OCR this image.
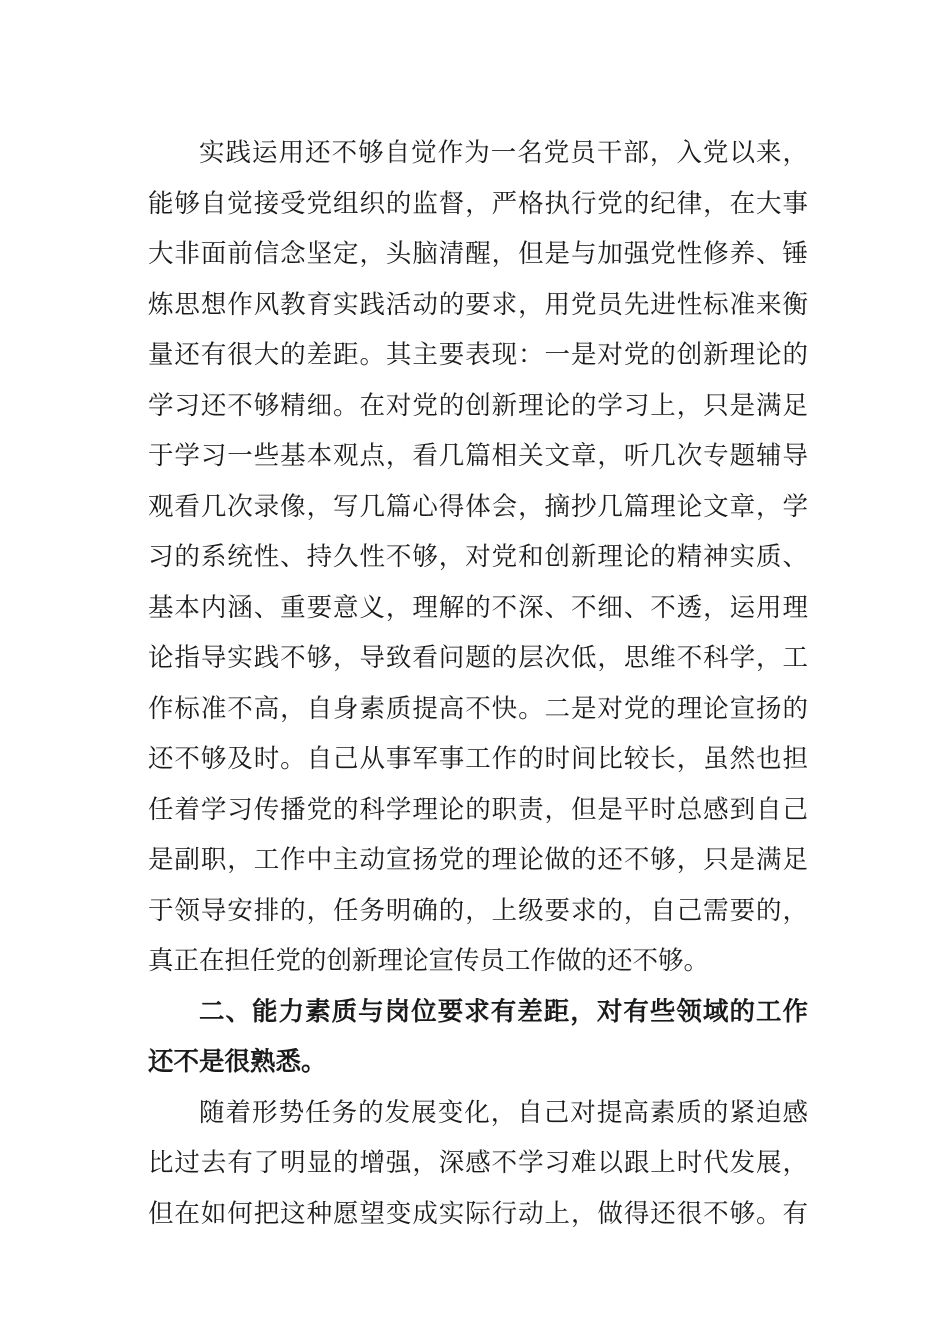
实践运用还不够自觉作为一名党员干部，入党以来，
能够自觉接受党组织的监督，严格执行党的纪律，在大事
大非面前信念坚定，头脑清醒，但是与加强党性修养、锤
炼思想作风教育实践活动的要求，用党员先进性标准来衡
量还有很大的差距。其主要表现：一是对党的创新理论的
学习还不够精细。在对党的创新理论的学习上，只是满足
于学习一些基本观点，看几篇相关文章，听几次专题辅导
观看几次录像，写几篇心得体会，摘抄几篇理论文章，学
习的系统性、持久性不够，对党和创新理论的精神实质、
基本内涵、重要意义，理解的不深、不细、不透，运用理
论指导实践不够，导致看问题的层次低，思维不科学，工
作标准不高，自身素质提高不快。二是对党的理论宣扬的
还不够及时。自己从事军事工作的时间比较长，虽然也担
任着学习传播党的科学理论的职责，但是平时总感到自己
是副职，工作中主动宣扬党的理论做的还不够，只是满足
于领导安排的，任务明确的，上级要求的，自己需要的，
真正在担任党的创新理论宣传员工作做的还不够。
二、能力素质与岗位要求有差距，对有些领域的工作
还不是很熟悉。
随着形势任务的发展变化，自己对提高素质的紧迫感
比过去有了明显的增强，深感不学习难以跟上时代发展，
但在如何把这种愿望变成实际行动上，做得还很不够。有
